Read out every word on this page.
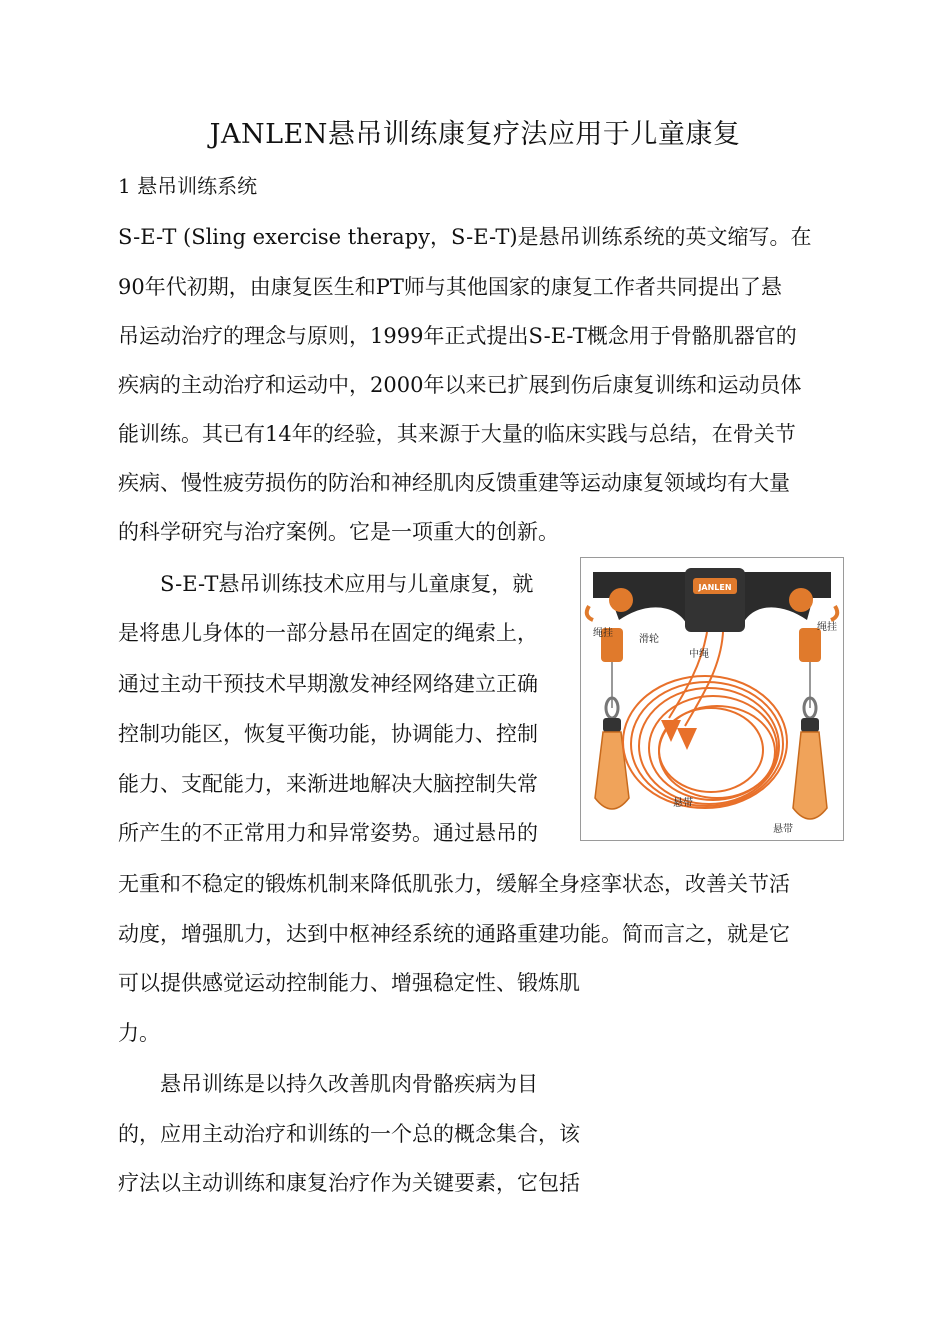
JANLEN悬吊训练康复疗法应用于儿童康复
1 悬吊训练系统
S-E-T (Sling exercise therapy，S-E-T)是悬吊训练系统的英文缩写。在
90年代初期，由康复医生和PT师与其他国家的康复工作者共同提出了悬
吊运动治疗的理念与原则，1999年正式提出S-E-T概念用于骨骼肌器官的
疾病的主动治疗和运动中，2000年以来已扩展到伤后康复训练和运动员体
能训练。其已有14年的经验，其来源于大量的临床实践与总结，在骨关节
疾病、慢性疲劳损伤的防治和神经肌肉反馈重建等运动康复领域均有大量
的科学研究与治疗案例。它是一项重大的创新。
　　S-E-T悬吊训练技术应用与儿童康复，就
是将患儿身体的一部分悬吊在固定的绳索上，
通过主动干预技术早期激发神经网络建立正确
控制功能区，恢复平衡功能，协调能力、控制
能力、支配能力，来渐进地解决大脑控制失常
所产生的不正常用力和异常姿势。通过悬吊的
无重和不稳定的锻炼机制来降低肌张力，缓解全身痉挛状态，改善关节活
动度，增强肌力，达到中枢神经系统的通路重建功能。简而言之，就是它
可以提供感觉运动控制能力、增强稳定性、锻炼肌
力。
　　悬吊训练是以持久改善肌肉骨骼疾病为目
的，应用主动治疗和训练的一个总的概念集合，该
疗法以主动训练和康复治疗作为关键要素，它包括
JANLEN
绳挂
绳挂
滑轮
中绳
悬带
悬带
